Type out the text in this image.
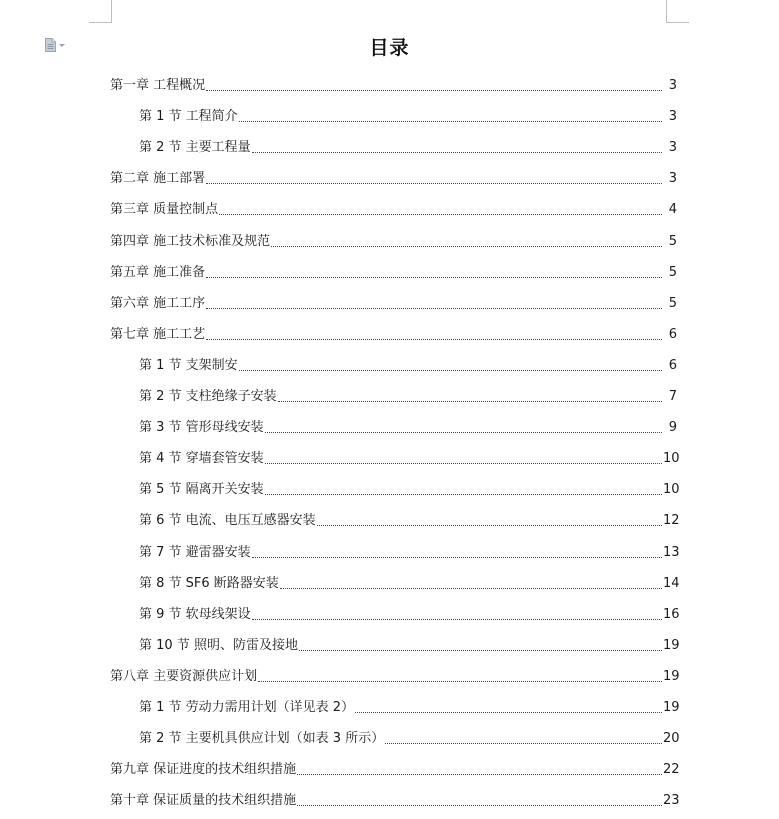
目录
第一章 工程概况	3
第 1 节 工程简介	3
第 2 节 主要工程量	3
第二章 施工部署	3
第三章 质量控制点	4
第四章 施工技术标准及规范	5
第五章 施工准备	5
第六章 施工工序	5
第七章 施工工艺	6
第 1 节 支架制安	6
第 2 节 支柱绝缘子安装	7
第 3 节 管形母线安装	9
第 4 节 穿墙套管安装	10
第 5 节 隔离开关安装	10
第 6 节 电流、电压互感器安装	12
第 7 节 避雷器安装	13
第 8 节 SF6 断路器安装	14
第 9 节 软母线架设	16
第 10 节 照明、防雷及接地	19
第八章 主要资源供应计划	19
第 1 节 劳动力需用计划（详见表 2）	19
第 2 节 主要机具供应计划（如表 3 所示）	20
第九章 保证进度的技术组织措施	22
第十章 保证质量的技术组织措施	23
